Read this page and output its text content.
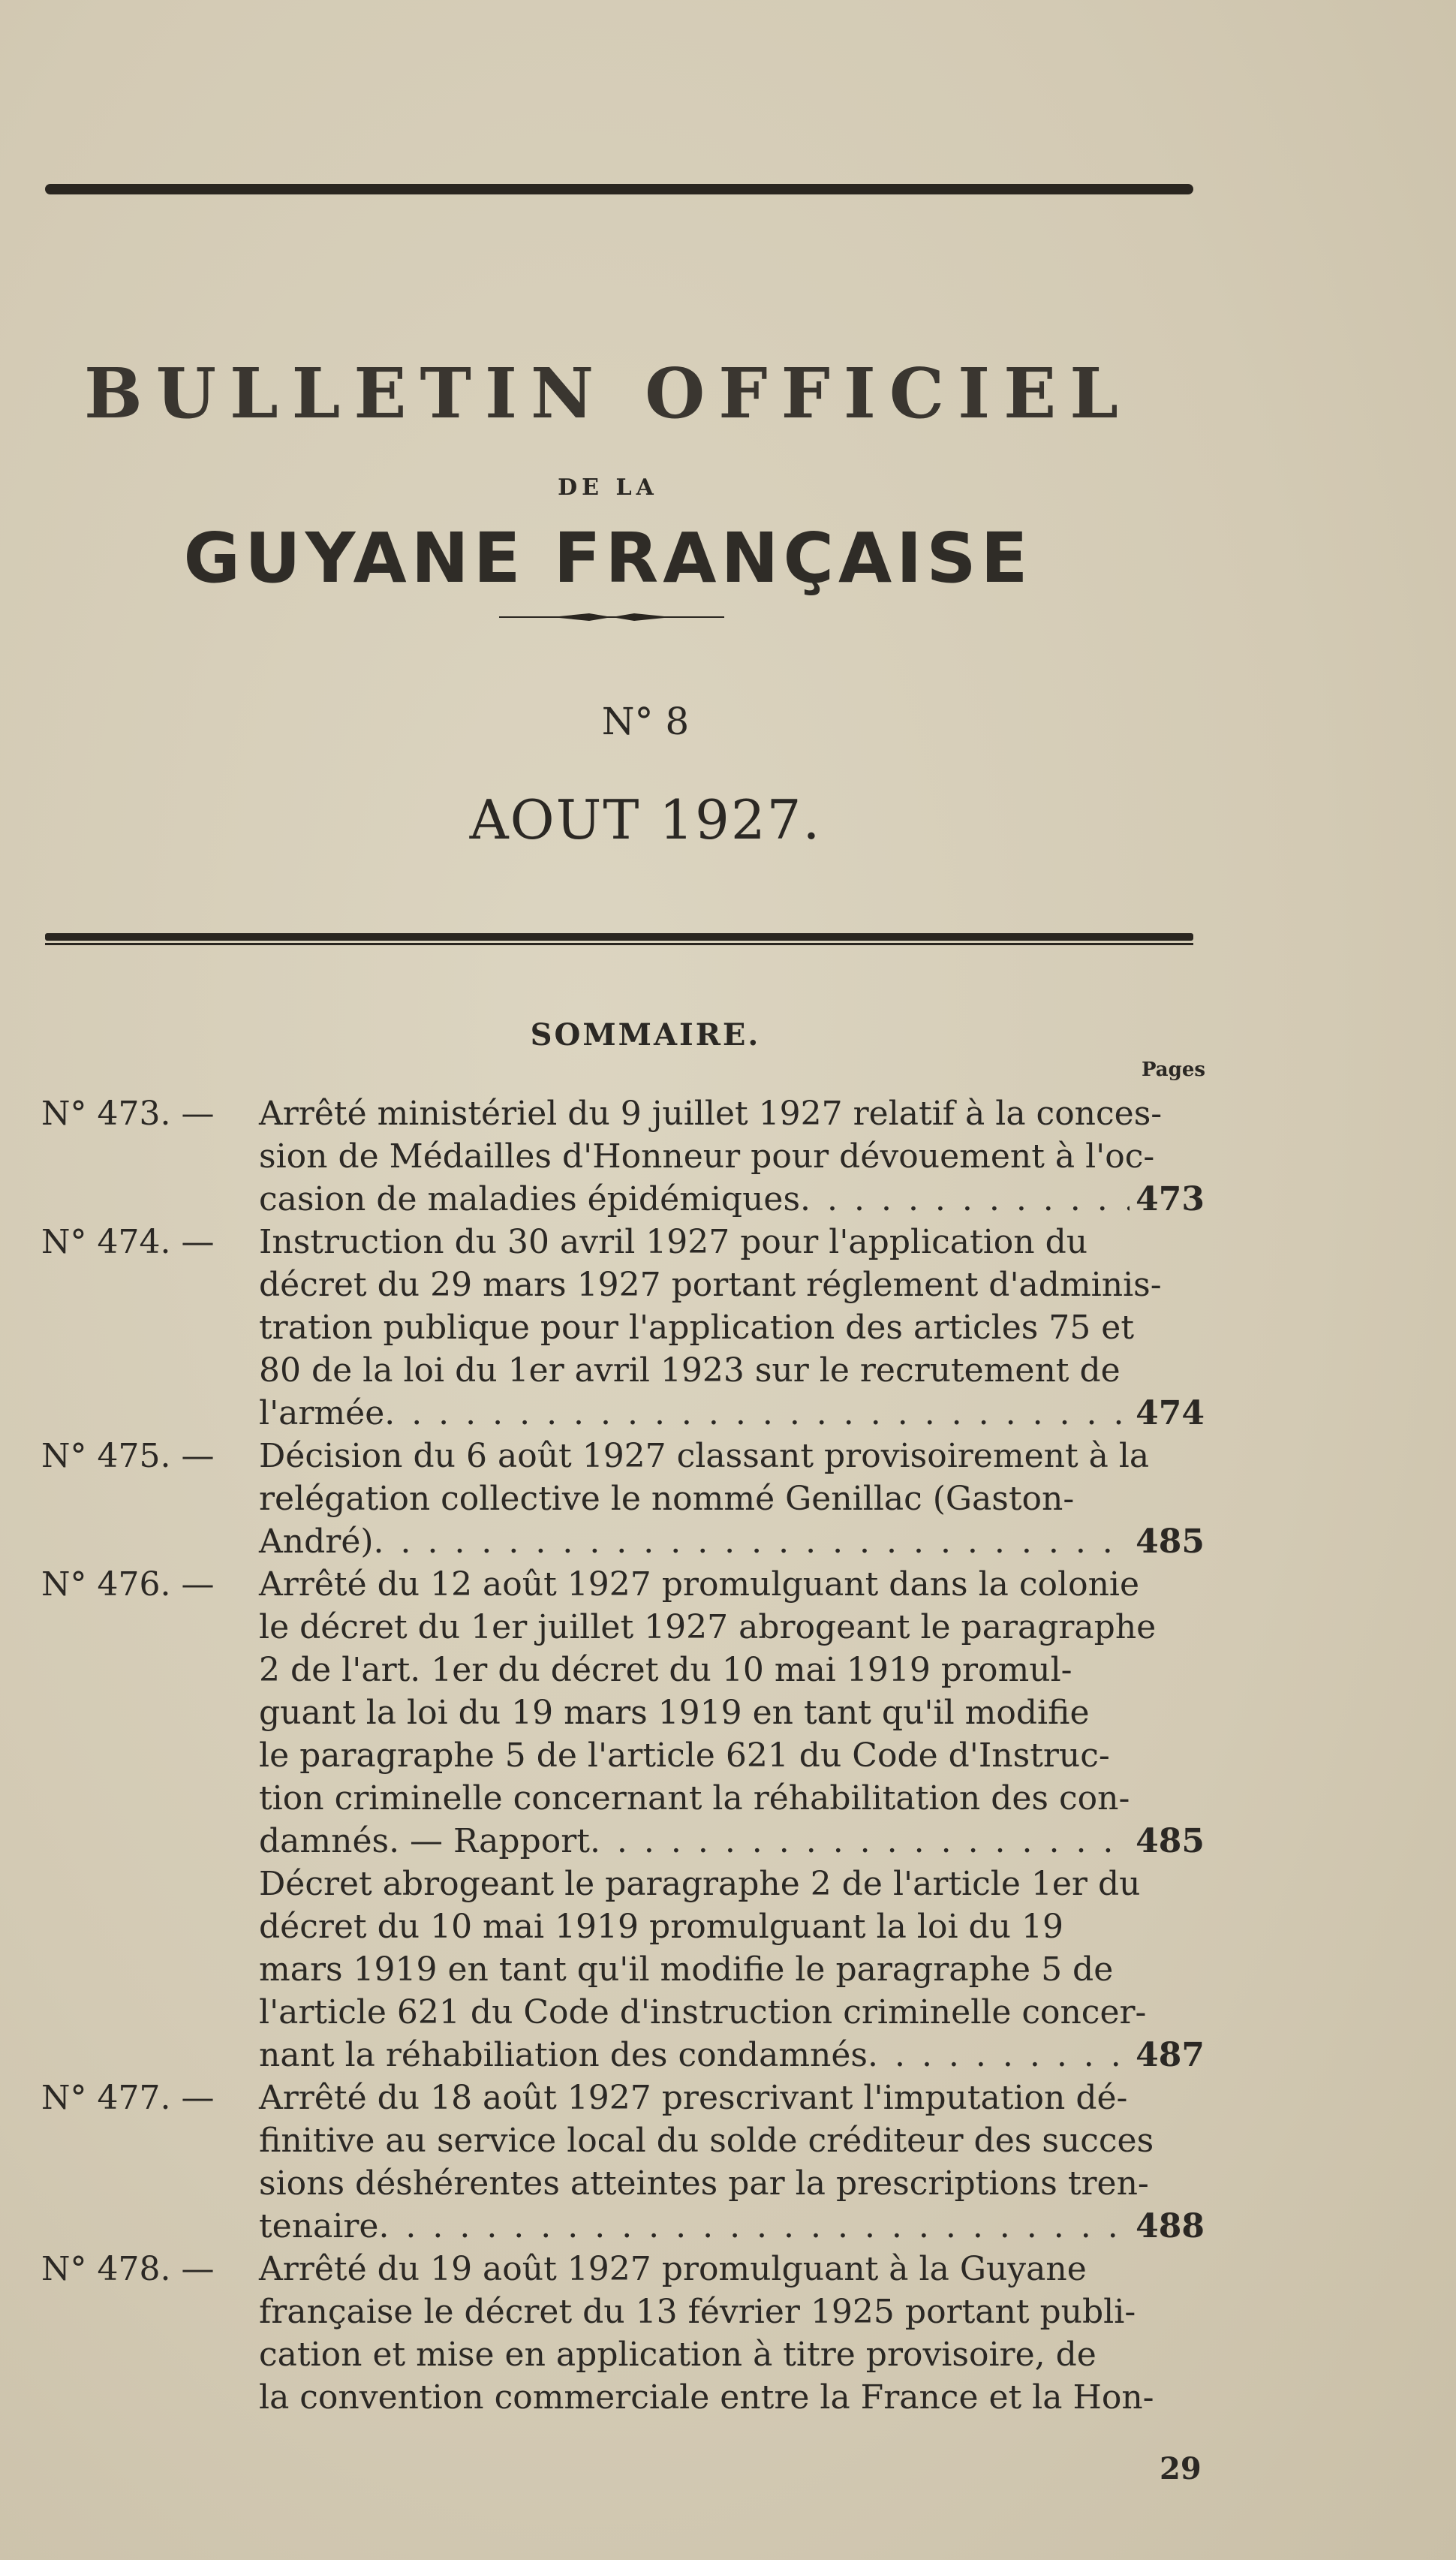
BULLETIN OFFICIEL
DE LA
GUYANE FRANÇAISE
N° 8
AOUT 1927.
SOMMAIRE.
Pages
N° 473. — Arrêté ministériel du 9 juillet 1927 relatif à la conces-
sion de Médailles d'Honneur pour dévouement à l'oc-
casion de maladies épidémiques . . .	473
N° 474. — Instruction du 30 avril 1927 pour l'application du
décret du 29 mars 1927 portant réglement d'adminis-
tration publique pour l'application des articles 75 et
80 de la loi du 1er avril 1923 sur le recrutement de
l'armée . . .	474
N° 475. — Décision du 6 août 1927 classant provisoirement à la
relégation collective le nommé Genillac (Gaston-
André) . . .	485
N° 476. — Arrêté du 12 août 1927 promulguant dans la colonie
le décret du 1er juillet 1927 abrogeant le paragraphe
2 de l'art. 1er du décret du 10 mai 1919 promul-
guant la loi du 19 mars 1919 en tant qu'il modifie
le paragraphe 5 de l'article 621 du Code d'Instruc-
tion criminelle concernant la réhabilitation des con-
damnés. — Rapport . . .	485
Décret abrogeant le paragraphe 2 de l'article 1er du
décret du 10 mai 1919 promulguant la loi du 19
mars 1919 en tant qu'il modifie le paragraphe 5 de
l'article 621 du Code d'instruction criminelle concer-
nant la réhabiliation des condamnés . . .	487
N° 477. — Arrêté du 18 août 1927 prescrivant l'imputation dé-
finitive au service local du solde créditeur des succes
sions déshérentes atteintes par la prescriptions tren-
tenaire . . .	488
N° 478. — Arrêté du 19 août 1927 promulguant à la Guyane
française le décret du 13 février 1925 portant publi-
cation et mise en application à titre provisoire, de
la convention commerciale entre la France et la Hon-
29
